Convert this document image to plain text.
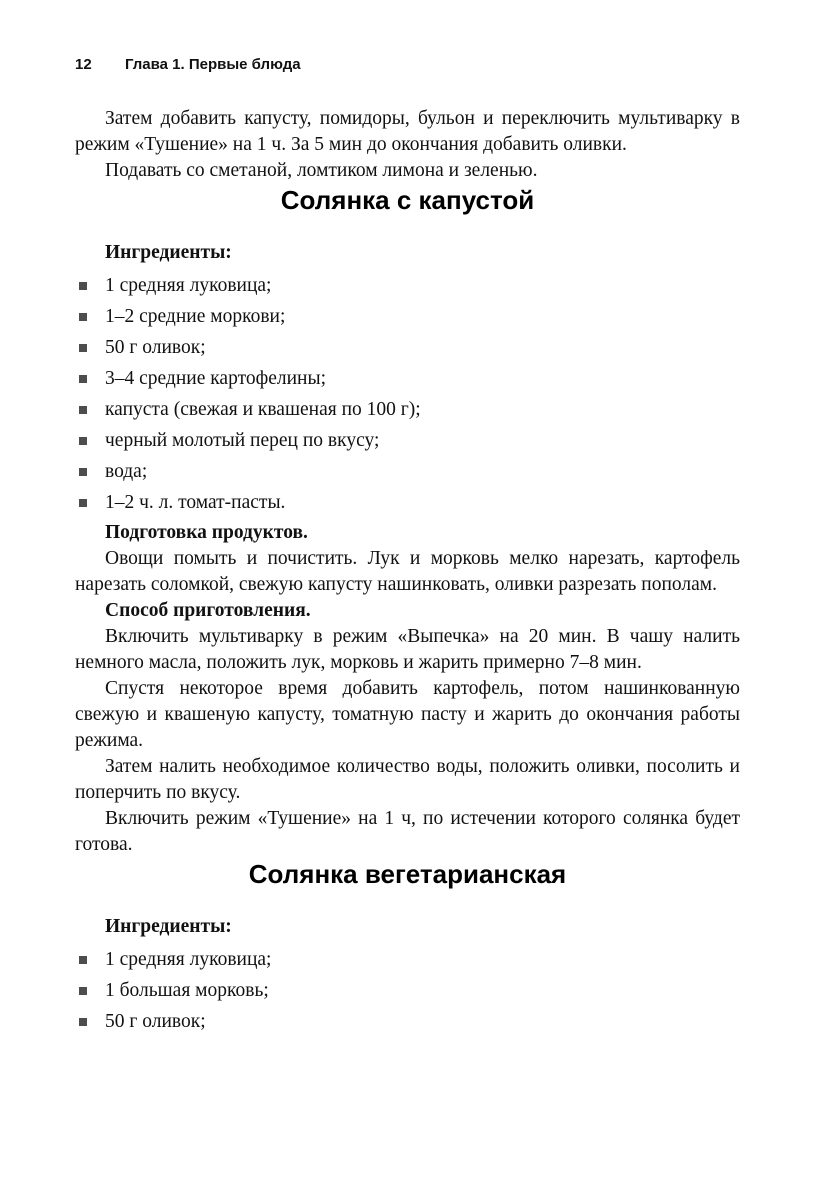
12	Глава 1. Первые блюда

Затем добавить капусту, помидоры, бульон и переключить мультиварку в режим «Тушение» на 1 ч. За 5 мин до окончания добавить оливки.

Подавать со сметаной, ломтиком лимона и зеленью.

Солянка с капустой

Ингредиенты:

1 средняя луковица;
1–2 средние моркови;
50 г оливок;
3–4 средние картофелины;
капуста (свежая и квашеная по 100 г);
черный молотый перец по вкусу;
вода;
1–2 ч. л. томат-пасты.

Подготовка продуктов.

Овощи помыть и почистить. Лук и морковь мелко нарезать, картофель нарезать соломкой, свежую капусту нашинковать, оливки разрезать пополам.

Способ приготовления.

Включить мультиварку в режим «Выпечка» на 20 мин. В чашу налить немного масла, положить лук, морковь и жарить примерно 7–8 мин.

Спустя некоторое время добавить картофель, потом нашинкованную свежую и квашеную капусту, томатную пасту и жарить до окончания работы режима.

Затем налить необходимое количество воды, положить оливки, посолить и поперчить по вкусу.

Включить режим «Тушение» на 1 ч, по истечении которого солянка будет готова.

Солянка вегетарианская

Ингредиенты:

1 средняя луковица;
1 большая морковь;
50 г оливок;
